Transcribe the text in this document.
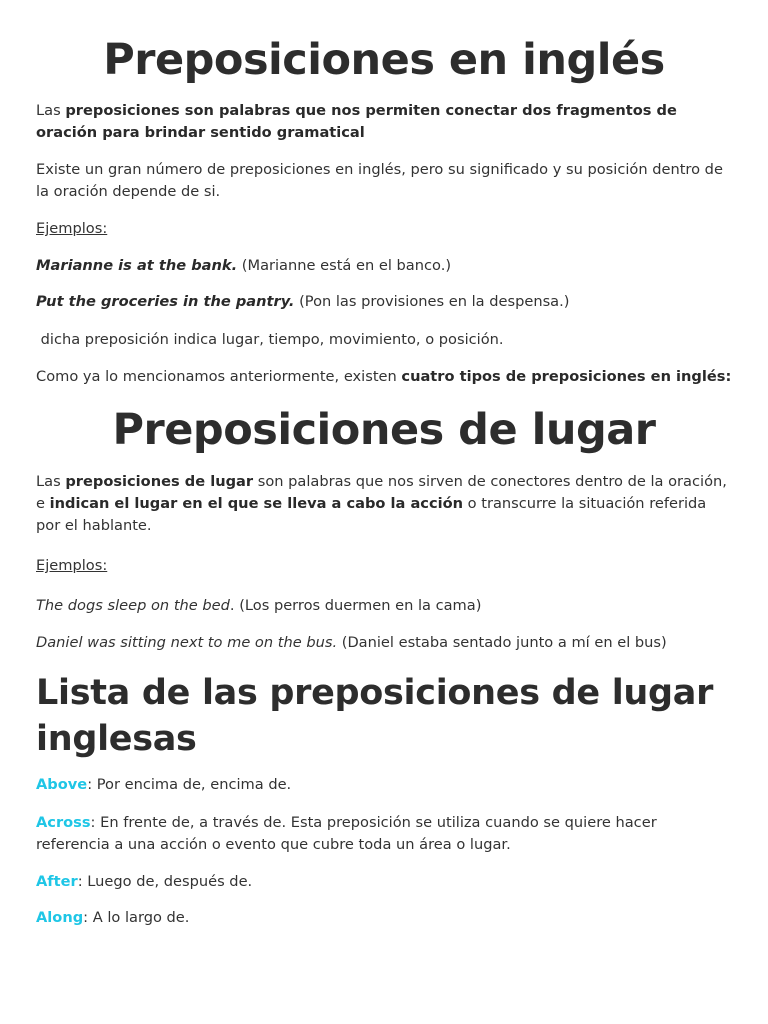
Preposiciones en inglés

Las preposiciones son palabras que nos permiten conectar dos fragmentos de oración para brindar sentido gramatical

Existe un gran número de preposiciones en inglés, pero su significado y su posición dentro de la oración depende de si.

Ejemplos:

Marianne is at the bank. (Marianne está en el banco.)

Put the groceries in the pantry. (Pon las provisiones en la despensa.)

dicha preposición indica lugar, tiempo, movimiento, o posición.

Como ya lo mencionamos anteriormente, existen cuatro tipos de preposiciones en inglés:

Preposiciones de lugar

Las preposiciones de lugar son palabras que nos sirven de conectores dentro de la oración, e indican el lugar en el que se lleva a cabo la acción o transcurre la situación referida por el hablante.

Ejemplos:

The dogs sleep on the bed. (Los perros duermen en la cama)

Daniel was sitting next to me on the bus. (Daniel estaba sentado junto a mí en el bus)

Lista de las preposiciones de lugar inglesas

Above: Por encima de, encima de.

Across: En frente de, a través de. Esta preposición se utiliza cuando se quiere hacer referencia a una acción o evento que cubre toda un área o lugar.

After: Luego de, después de.

Along: A lo largo de.
